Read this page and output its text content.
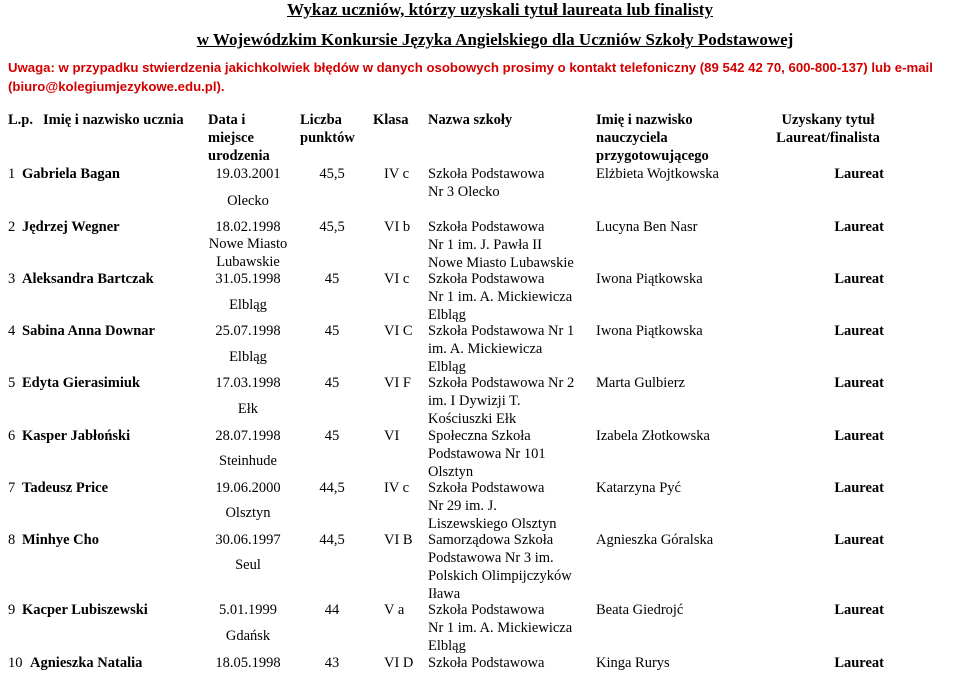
Wykaz uczniów, którzy uzyskali tytuł laureata lub finalisty
w Wojewódzkim Konkursie Języka Angielskiego dla Uczniów Szkoły Podstawowej
Uwaga: w przypadku stwierdzenia jakichkolwiek błędów w danych osobowych prosimy o kontakt telefoniczny (89 542 42 70, 600-800-137) lub e-mail
(biuro@kolegiumjezykowe.edu.pl).
L.p. Imię i nazwisko ucznia Data i
miejsce
urodzenia
Liczba
punktów
Klasa Nazwa szkoły	Imię i nazwisko
nauczyciela
przygotowującego
Uzyskany tytuł
Laureat/finalista
1 Gabriela Bagan	19.03.2001
Olecko
45,5	IV c Szkoła Podstawowa
Nr 3 Olecko
Elżbieta Wojtkowska	Laureat
2 Jędrzej Wegner	18.02.1998
Nowe Miasto
Lubawskie
45,5	VI b Szkoła Podstawowa
Nr 1 im. J. Pawła II
Nowe Miasto Lubawskie
Lucyna Ben Nasr	Laureat
3 Aleksandra Bartczak	31.05.1998
Elbląg
45	VI c Szkoła Podstawowa
Nr 1 im. A. Mickiewicza
Elbląg
Iwona Piątkowska	Laureat
4 Sabina Anna Downar	25.07.1998
Elbląg
45	VI C Szkoła Podstawowa Nr 1
im. A. Mickiewicza
Elbląg
Iwona Piątkowska	Laureat
5 Edyta Gierasimiuk	17.03.1998
Ełk
45	VI F Szkoła Podstawowa Nr 2
im. I Dywizji T.
Kościuszki Ełk
Marta Gulbierz	Laureat
6 Kasper Jabłoński	28.07.1998
Steinhude
45	VI Społeczna Szkoła
Podstawowa Nr 101
Olsztyn
Izabela Złotkowska	Laureat
7 Tadeusz Price	19.06.2000
Olsztyn
44,5	IV c Szkoła Podstawowa
Nr 29 im. J.
Liszewskiego Olsztyn
Katarzyna Pyć	Laureat
8 Minhye Cho	30.06.1997
Seul
44,5	VI B Samorządowa Szkoła
Podstawowa Nr 3 im.
Polskich Olimpijczyków
Iława
Agnieszka Góralska	Laureat
9 Kacper Lubiszewski	5.01.1999
Gdańsk
44	V a Szkoła Podstawowa
Nr 1 im. A. Mickiewicza
Elbląg
Beata Giedrojć	Laureat
10 Agnieszka Natalia	18.05.1998	43	VI D Szkoła Podstawowa	Kinga Rurys	Laureat
